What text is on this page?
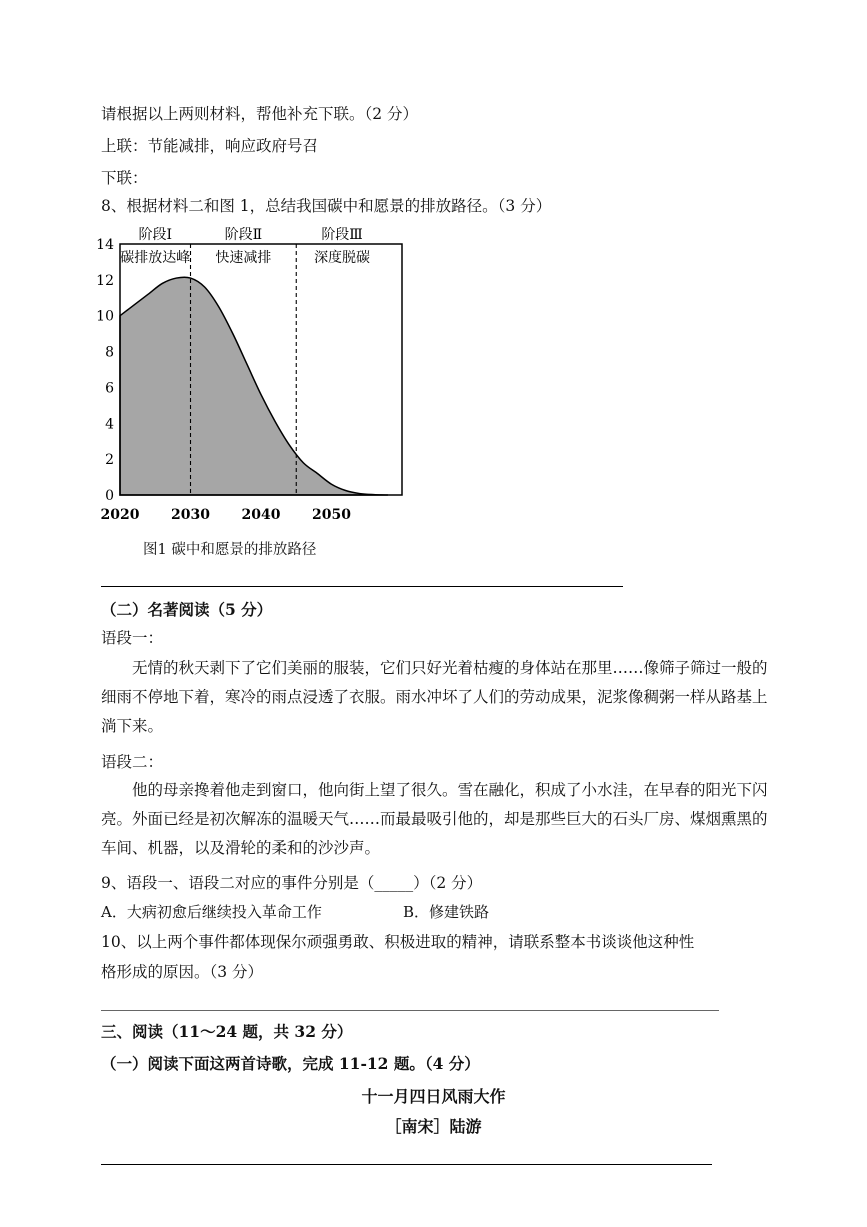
请根据以上两则材料，帮他补充下联。（2 分）
上联：节能减排，响应政府号召
下联：
8、根据材料二和图 1，总结我国碳中和愿景的排放路径。（3 分）
0
2
4
6
8
10
12
14
2020 2030 2040 2050
阶段Ⅰ
碳排放达峰
阶段Ⅱ
快速减排
阶段Ⅲ
深度脱碳
图1 碳中和愿景的排放路径
（二）名著阅读（5 分）
语段一：
无情的秋天剥下了它们美丽的服装，它们只好光着枯瘦的身体站在那里……像筛子筛过一般的细雨不停地下着，寒冷的雨点浸透了衣服。雨水冲坏了人们的劳动成果，泥浆像稠粥一样从路基上淌下来。
语段二：
他的母亲搀着他走到窗口，他向街上望了很久。雪在融化，积成了小水洼，在早春的阳光下闪亮。外面已经是初次解冻的温暖天气……而最最吸引他的，却是那些巨大的石头厂房、煤烟熏黑的车间、机器，以及滑轮的柔和的沙沙声。
9、语段一、语段二对应的事件分别是（_____）（2 分）
A．大病初愈后继续投入革命工作	B．修建铁路
10、以上两个事件都体现保尔顽强勇敢、积极进取的精神，请联系整本书谈谈他这种性
格形成的原因。（3 分）
三、阅读（11～24 题，共 32 分）
（一）阅读下面这两首诗歌，完成 11-12 题。（4 分）
十一月四日风雨大作
［南宋］陆游
